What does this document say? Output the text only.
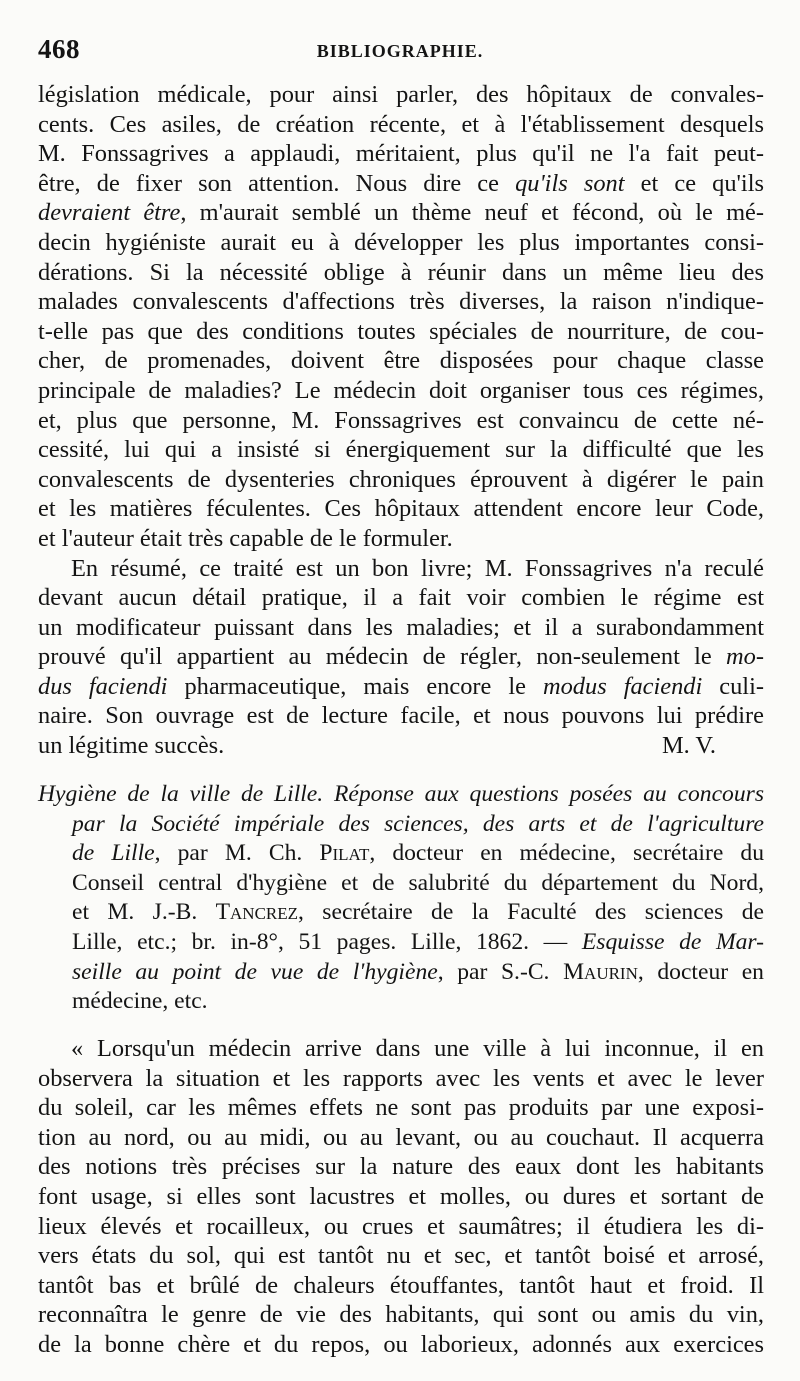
468	BIBLIOGRAPHIE.

législation médicale, pour ainsi parler, des hôpitaux de convales-
cents. Ces asiles, de création récente, et à l'établissement desquels
M. Fonssagrives a applaudi, méritaient, plus qu'il ne l'a fait peut-
être, de fixer son attention. Nous dire ce qu'ils sont et ce qu'ils
devraient être, m'aurait semblé un thème neuf et fécond, où le mé-
decin hygiéniste aurait eu à développer les plus importantes consi-
dérations. Si la nécessité oblige à réunir dans un même lieu des
malades convalescents d'affections très diverses, la raison n'indique-
t-elle pas que des conditions toutes spéciales de nourriture, de cou-
cher, de promenades, doivent être disposées pour chaque classe
principale de maladies? Le médecin doit organiser tous ces régimes,
et, plus que personne, M. Fonssagrives est convaincu de cette né-
cessité, lui qui a insisté si énergiquement sur la difficulté que les
convalescents de dysenteries chroniques éprouvent à digérer le pain
et les matières féculentes. Ces hôpitaux attendent encore leur Code,
et l'auteur était très capable de le formuler.

En résumé, ce traité est un bon livre; M. Fonssagrives n'a reculé
devant aucun détail pratique, il a fait voir combien le régime est
un modificateur puissant dans les maladies; et il a surabondamment
prouvé qu'il appartient au médecin de régler, non-seulement le mo-
dus faciendi pharmaceutique, mais encore le modus faciendi culi-
naire. Son ouvrage est de lecture facile, et nous pouvons lui prédire
un légitime succès.	M. V.

Hygiène de la ville de Lille. Réponse aux questions posées au concours
par la Société impériale des sciences, des arts et de l'agriculture
de Lille, par M. Ch. Pilat, docteur en médecine, secrétaire du
Conseil central d'hygiène et de salubrité du département du Nord,
et M. J.-B. Tancrez, secrétaire de la Faculté des sciences de
Lille, etc.; br. in-8°, 51 pages. Lille, 1862. — Esquisse de Mar-
seille au point de vue de l'hygiène, par S.-C. Maurin, docteur en
médecine, etc.

« Lorsqu'un médecin arrive dans une ville à lui inconnue, il en
observera la situation et les rapports avec les vents et avec le lever
du soleil, car les mêmes effets ne sont pas produits par une exposi-
tion au nord, ou au midi, ou au levant, ou au couchaut. Il acquerra
des notions très précises sur la nature des eaux dont les habitants
font usage, si elles sont lacustres et molles, ou dures et sortant de
lieux élevés et rocailleux, ou crues et saumâtres; il étudiera les di-
vers états du sol, qui est tantôt nu et sec, et tantôt boisé et arrosé,
tantôt bas et brûlé de chaleurs étouffantes, tantôt haut et froid. Il
reconnaîtra le genre de vie des habitants, qui sont ou amis du vin,
de la bonne chère et du repos, ou laborieux, adonnés aux exercices
